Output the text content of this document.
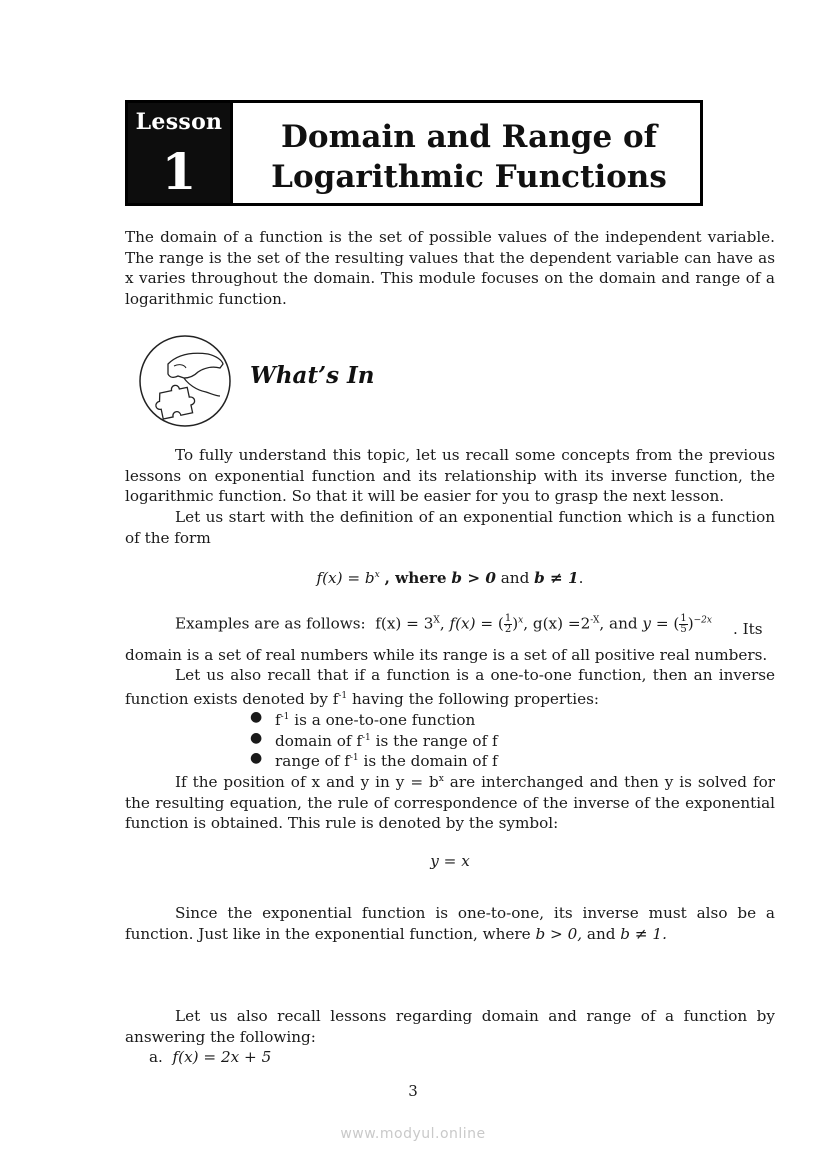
Lesson
1
Domain and Range of
Logarithmic Functions
The domain of a function is the set of possible values of the independent variable. The range is the set of the resulting values that the dependent variable can have as x varies throughout the domain. This module focuses on the domain and range of a logarithmic function.
What’s In
To fully understand this topic, let us recall some concepts from the previous lessons on exponential function and its relationship with its inverse function, the logarithmic function. So that it will be easier for you to grasp the next lesson.
Let us start with the definition of an exponential function which is a function of the form
$f(x) = b^x$ , where b > 0 and b ≠ 1.
Examples are as follows: $f(x) = 3^X$, f(x) = ( $\frac{1}{2} )^x$, $g(x) =2^{-X}$, and y = ( $\frac{1}{5} )^{-2x}$	. Its
domain is a set of real numbers while its range is a set of all positive real numbers.
Let us also recall that if a function is a one-to-one function, then an inverse function exists denoted by $f^{-1}$ having the following properties:
● $f^{-1}$ is a one-to-one function
● domain of $f^{-1}$ is the range of f
● range of $f^{-1}$ is the domain of f
If the position of x and y in $y = b^x$ are interchanged and then y is solved for the resulting equation, the rule of correspondence of the inverse of the exponential function is obtained. This rule is denoted by the symbol:
y = x
Since the exponential function is one-to-one, its inverse must also be a function. Just like in the exponential function, where b > 0, and b ≠ 1.
Let us also recall lessons regarding domain and range of a function by answering the following:
a. f(x) = 2x + 5
3
www.modyul.online
